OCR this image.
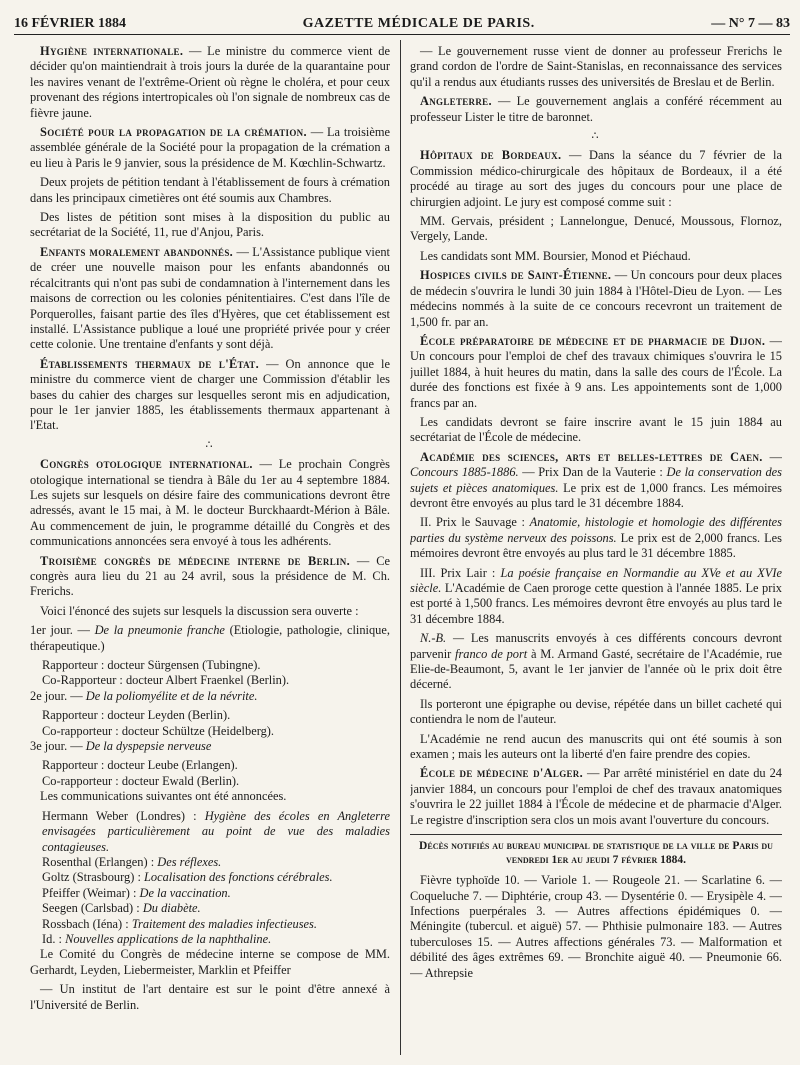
16 FÉVRIER 1884	GAZETTE MÉDICALE DE PARIS.	— N° 7 — 83

Hygiène internationale. — Le ministre du commerce vient de décider qu'on maintiendrait à trois jours la durée de la quarantaine pour les navires venant de l'extrême-Orient où règne le choléra, et pour ceux provenant des régions intertropicales où l'on signale de nombreux cas de fièvre jaune.

Société pour la propagation de la crémation. — La troisième assemblée générale de la Société pour la propagation de la crémation a eu lieu à Paris le 9 janvier, sous la présidence de M. Kœchlin-Schwartz.

Deux projets de pétition tendant à l'établissement de fours à crémation dans les principaux cimetières ont été soumis aux Chambres.

Des listes de pétition sont mises à la disposition du public au secrétariat de la Société, 11, rue d'Anjou, Paris.

Enfants moralement abandonnés. — L'Assistance publique vient de créer une nouvelle maison pour les enfants abandonnés ou récalcitrants qui n'ont pas subi de condamnation à l'internement dans les maisons de correction ou les colonies pénitentiaires. C'est dans l'île de Porquerolles, faisant partie des îles d'Hyères, que cet établissement est installé. L'Assistance publique a loué une propriété privée pour y créer cette colonie. Une trentaine d'enfants y sont déjà.

Établissements thermaux de l'État. — On annonce que le ministre du commerce vient de charger une Commission d'établir les bases du cahier des charges sur lesquelles seront mis en adjudication, pour le 1er janvier 1885, les établissements thermaux appartenant à l'Etat.

∴

Congrès otologique international. — Le prochain Congrès otologique international se tiendra à Bâle du 1er au 4 septembre 1884. Les sujets sur lesquels on désire faire des communications devront être adressés, avant le 15 mai, à M. le docteur Burckhaardt-Mérion à Bâle. Au commencement de juin, le programme détaillé du Congrès et des communications annoncées sera envoyé à tous les adhérents.

Troisième congrès de médecine interne de Berlin. — Ce congrès aura lieu du 21 au 24 avril, sous la présidence de M. Ch. Frerichs.

Voici l'énoncé des sujets sur lesquels la discussion sera ouverte :

1er jour. — De la pneumonie franche (Etiologie, pathologie, clinique, thérapeutique.)

Rapporteur : docteur Sürgensen (Tubingne).
Co-Rapporteur : docteur Albert Fraenkel (Berlin).

2e jour. — De la poliomyélite et de la névrite.

Rapporteur : docteur Leyden (Berlin).
Co-rapporteur : docteur Schültze (Heidelberg).

3e jour. — De la dyspepsie nerveuse

Rapporteur : docteur Leube (Erlangen).
Co-rapporteur : docteur Ewald (Berlin).

Les communications suivantes ont été annoncées.

Hermann Weber (Londres) : Hygiène des écoles en Angleterre envisagées particulièrement au point de vue des maladies contagieuses.
Rosenthal (Erlangen) : Des réflexes.
Goltz (Strasbourg) : Localisation des fonctions cérébrales.
Pfeiffer (Weimar) : De la vaccination.
Seegen (Carlsbad) : Du diabète.
Rossbach (Iéna) : Traitement des maladies infectieuses.
Id. : Nouvelles applications de la naphthaline.

Le Comité du Congrès de médecine interne se compose de MM. Gerhardt, Leyden, Liebermeister, Marklin et Pfeiffer

— Un institut de l'art dentaire est sur le point d'être annexé à l'Université de Berlin.

— Le gouvernement russe vient de donner au professeur Frerichs le grand cordon de l'ordre de Saint-Stanislas, en reconnaissance des services qu'il a rendus aux étudiants russes des universités de Breslau et de Berlin.

Angleterre. — Le gouvernement anglais a conféré récemment au professeur Lister le titre de baronnet.

∴

Hôpitaux de Bordeaux. — Dans la séance du 7 février de la Commission médico-chirurgicale des hôpitaux de Bordeaux, il a été procédé au tirage au sort des juges du concours pour une place de chirurgien adjoint. Le jury est composé comme suit :

MM. Gervais, président ; Lannelongue, Denucé, Moussous, Flornoz, Vergely, Lande.

Les candidats sont MM. Boursier, Monod et Piéchaud.

Hospices civils de Saint-Étienne. — Un concours pour deux places de médecin s'ouvrira le lundi 30 juin 1884 à l'Hôtel-Dieu de Lyon. — Les médecins nommés à la suite de ce concours recevront un traitement de 1,500 fr. par an.

École préparatoire de médecine et de pharmacie de Dijon. — Un concours pour l'emploi de chef des travaux chimiques s'ouvrira le 15 juillet 1884, à huit heures du matin, dans la salle des cours de l'École. La durée des fonctions est fixée à 9 ans. Les appointements sont de 1,000 francs par an.

Les candidats devront se faire inscrire avant le 15 juin 1884 au secrétariat de l'École de médecine.

Académie des sciences, arts et belles-lettres de Caen. — Concours 1885-1886. — Prix Dan de la Vauterie : De la conservation des sujets et pièces anatomiques. Le prix est de 1,000 francs. Les mémoires devront être envoyés au plus tard le 31 décembre 1884.

II. Prix le Sauvage : Anatomie, histologie et homologie des différentes parties du système nerveux des poissons. Le prix est de 2,000 francs. Les mémoires devront être envoyés au plus tard le 31 décembre 1885.

III. Prix Lair : La poésie française en Normandie au XVe et au XVIe siècle. L'Académie de Caen proroge cette question à l'année 1885. Le prix est porté à 1,500 francs. Les mémoires devront être envoyés au plus tard le 31 décembre 1884.

N.-B. — Les manuscrits envoyés à ces différents concours devront parvenir franco de port à M. Armand Gasté, secrétaire de l'Académie, rue Elie-de-Beaumont, 5, avant le 1er janvier de l'année où le prix doit être décerné.

Ils porteront une épigraphe ou devise, répétée dans un billet cacheté qui contiendra le nom de l'auteur.

L'Académie ne rend aucun des manuscrits qui ont été soumis à son examen ; mais les auteurs ont la liberté d'en faire prendre des copies.

École de médecine d'Alger. — Par arrêté ministériel en date du 24 janvier 1884, un concours pour l'emploi de chef des travaux anatomiques s'ouvrira le 22 juillet 1884 à l'École de médecine et de pharmacie d'Alger. Le registre d'inscription sera clos un mois avant l'ouverture du concours.

Décès notifiés au bureau municipal de statistique de la ville de Paris du vendredi 1er au jeudi 7 février 1884.

Fièvre typhoïde 10. — Variole 1. — Rougeole 21. — Scarlatine 6. — Coqueluche 7. — Diphtérie, croup 43. — Dysentérie 0. — Erysipèle 4. — Infections puerpérales 3. — Autres affections épidémiques 0. — Méningite (tubercul. et aiguë) 57. — Phthisie pulmonaire 183. — Autres tuberculoses 15. — Autres affections générales 73. — Malformation et débilité des âges extrêmes 69. — Bronchite aiguë 40. — Pneumonie 66. — Athrepsie
